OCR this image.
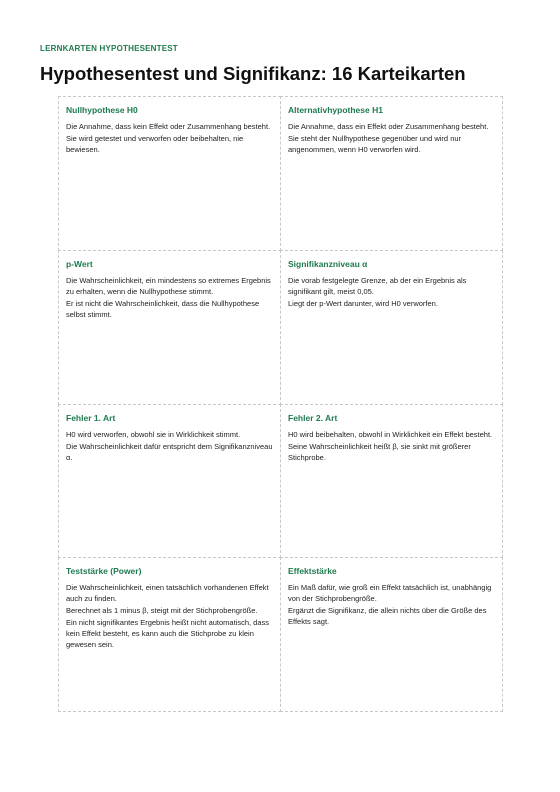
LERNKARTEN HYPOTHESENTEST
Hypothesentest und Signifikanz: 16 Karteikarten
Nullhypothese H0
Die Annahme, dass kein Effekt oder Zusammenhang besteht.
Sie wird getestet und verworfen oder beibehalten, nie bewiesen.
Alternativhypothese H1
Die Annahme, dass ein Effekt oder Zusammenhang besteht.
Sie steht der Nullhypothese gegenüber und wird nur angenommen, wenn H0 verworfen wird.
p-Wert
Die Wahrscheinlichkeit, ein mindestens so extremes Ergebnis zu erhalten, wenn die Nullhypothese stimmt.
Er ist nicht die Wahrscheinlichkeit, dass die Nullhypothese selbst stimmt.
Signifikanzniveau α
Die vorab festgelegte Grenze, ab der ein Ergebnis als signifikant gilt, meist 0,05.
Liegt der p-Wert darunter, wird H0 verworfen.
Fehler 1. Art
H0 wird verworfen, obwohl sie in Wirklichkeit stimmt.
Die Wahrscheinlichkeit dafür entspricht dem Signifikanzniveau α.
Fehler 2. Art
H0 wird beibehalten, obwohl in Wirklichkeit ein Effekt besteht.
Seine Wahrscheinlichkeit heißt β, sie sinkt mit größerer Stichprobe.
Teststärke (Power)
Die Wahrscheinlichkeit, einen tatsächlich vorhandenen Effekt auch zu finden.
Berechnet als 1 minus β, steigt mit der Stichprobengröße.
Ein nicht signifikantes Ergebnis heißt nicht automatisch, dass kein Effekt besteht, es kann auch die Stichprobe zu klein gewesen sein.
Effektstärke
Ein Maß dafür, wie groß ein Effekt tatsächlich ist, unabhängig von der Stichprobengröße.
Ergänzt die Signifikanz, die allein nichts über die Größe des Effekts sagt.
